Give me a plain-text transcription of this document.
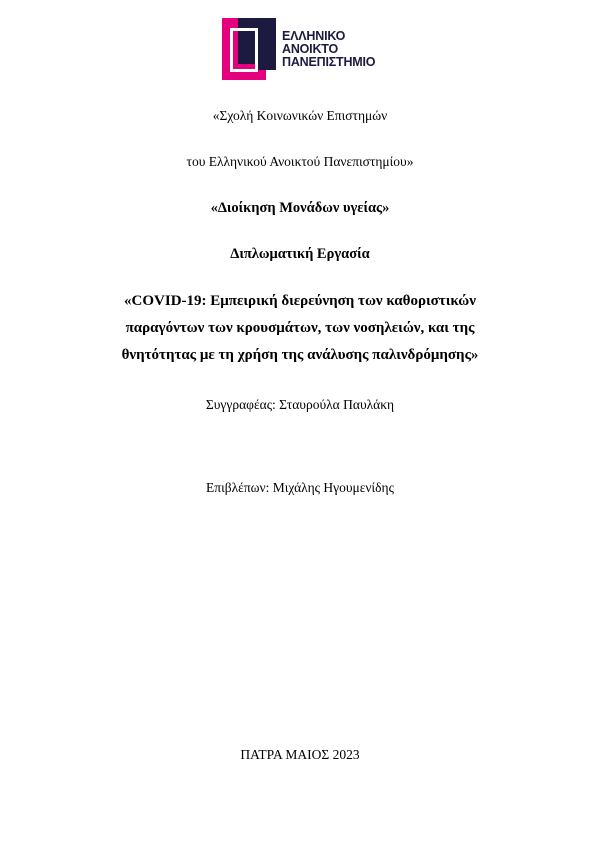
ΕΛΛΗΝΙΚΟ
ΑΝΟΙΚΤΟ
ΠΑΝΕΠΙΣΤΗΜΙΟ
«Σχολή Κοινωνικών Επιστημών
του Ελληνικού Ανοικτού Πανεπιστημίου»
«Διοίκηση Μονάδων υγείας»
Διπλωματική Εργασία
«COVID-19: Εμπειρική διερεύνηση των καθοριστικών
παραγόντων των κρουσμάτων, των νοσηλειών, και της
θνητότητας με τη χρήση της ανάλυσης παλινδρόμησης»
Συγγραφέας: Σταυρούλα Παυλάκη
Επιβλέπων: Μιχάλης Ηγουμενίδης
ΠΑΤΡΑ ΜΑΙΟΣ 2023
